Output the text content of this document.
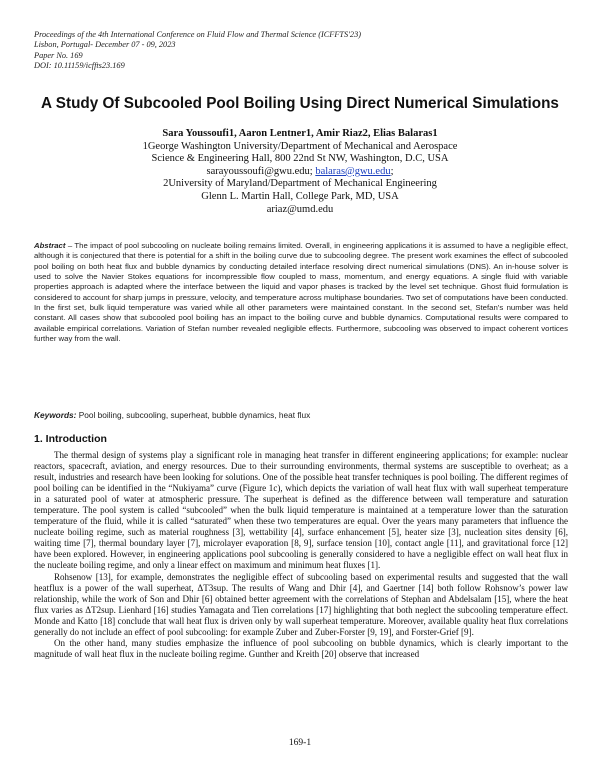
Proceedings of the 4th International Conference on Fluid Flow and Thermal Science (ICFFTS'23)
Lisbon, Portugal- December 07 - 09, 2023
Paper No. 169
DOI: 10.11159/icffts23.169
A Study Of Subcooled Pool Boiling Using Direct Numerical Simulations
Sara Youssoufi1, Aaron Lentner1, Amir Riaz2, Elias Balaras1
1George Washington University/Department of Mechanical and Aerospace
Science & Engineering Hall, 800 22nd St NW, Washington, D.C, USA
sarayoussoufi@gwu.edu; balaras@gwu.edu;
2University of Maryland/Department of Mechanical Engineering
Glenn L. Martin Hall, College Park, MD, USA
ariaz@umd.edu
Abstract – The impact of pool subcooling on nucleate boiling remains limited. Overall, in engineering applications it is assumed to have a negligible effect, although it is conjectured that there is potential for a shift in the boiling curve due to subcooling degree. The present work examines the effect of subcooled pool boiling on both heat flux and bubble dynamics by conducting detailed interface resolving direct numerical simulations (DNS). An in-house solver is used to solve the Navier Stokes equations for incompressible flow coupled to mass, momentum, and energy equations. A single fluid with variable properties approach is adapted where the interface between the liquid and vapor phases is tracked by the level set technique. Ghost fluid formulation is considered to account for sharp jumps in pressure, velocity, and temperature across multiphase boundaries. Two set of computations have been conducted. In the first set, bulk liquid temperature was varied while all other parameters were maintained constant. In the second set, Stefan’s number was held constant. All cases show that subcooled pool boiling has an impact to the boiling curve and bubble dynamics. Computational results were compared to available empirical correlations. Variation of Stefan number revealed negligible effects. Furthermore, subcooling was observed to impact coherent vortices further way from the wall.
Keywords: Pool boiling, subcooling, superheat, bubble dynamics, heat flux
1. Introduction

The thermal design of systems play a significant role in managing heat transfer in different engineering applications; for example: nuclear reactors, spacecraft, aviation, and energy resources. Due to their surrounding environments, thermal systems are susceptible to overheat; as a result, industries and research have been looking for solutions. One of the possible heat transfer techniques is pool boiling. The different regimes of pool boiling can be identified in the “Nukiyama” curve (Figure 1c), which depicts the variation of wall heat flux with wall superheat temperature in a saturated pool of water at atmospheric pressure. The superheat is defined as the difference between wall temperature and saturation temperature. The pool system is called “subcooled” when the bulk liquid temperature is maintained at a temperature lower than the saturation temperature of the fluid, while it is called “saturated” when these two temperatures are equal. Over the years many parameters that influence the nucleate boiling regime, such as material roughness [3], wettability [4], surface enhancement [5], heater size [3], nucleation sites density [6], waiting time [7], thermal boundary layer [7], microlayer evaporation [8, 9], surface tension [10], contact angle [11], and gravitational force [12] have been explored. However, in engineering applications pool subcooling is generally considered to have a negligible effect on wall heat flux in the nucleate boiling regime, and only a linear effect on maximum and minimum heat fluxes [1].

Rohsenow [13], for example, demonstrates the negligible effect of subcooling based on experimental results and suggested that the wall heatflux is a power of the wall superheat, ΔT3sup. The results of Wang and Dhir [4], and Gaertner [14] both follow Rohsnow’s power law relationship, while the work of Son and Dhir [6] obtained better agreement with the correlations of Stephan and Abdelsalam [15], where the heat flux varies as ΔT2sup. Lienhard [16] studies Yamagata and Tien correlations [17] highlighting that both neglect the subcooling temperature effect. Monde and Katto [18] conclude that wall heat flux is driven only by wall superheat temperature. Moreover, available quality heat flux correlations generally do not include an effect of pool subcooling: for example Zuber and Zuber-Forster [9, 19], and Forster-Grief [9].

On the other hand, many studies emphasize the influence of pool subcooling on bubble dynamics, which is clearly important to the magnitude of wall heat flux in the nucleate boiling regime. Gunther and Kreith [20] observe that increased

169-1
